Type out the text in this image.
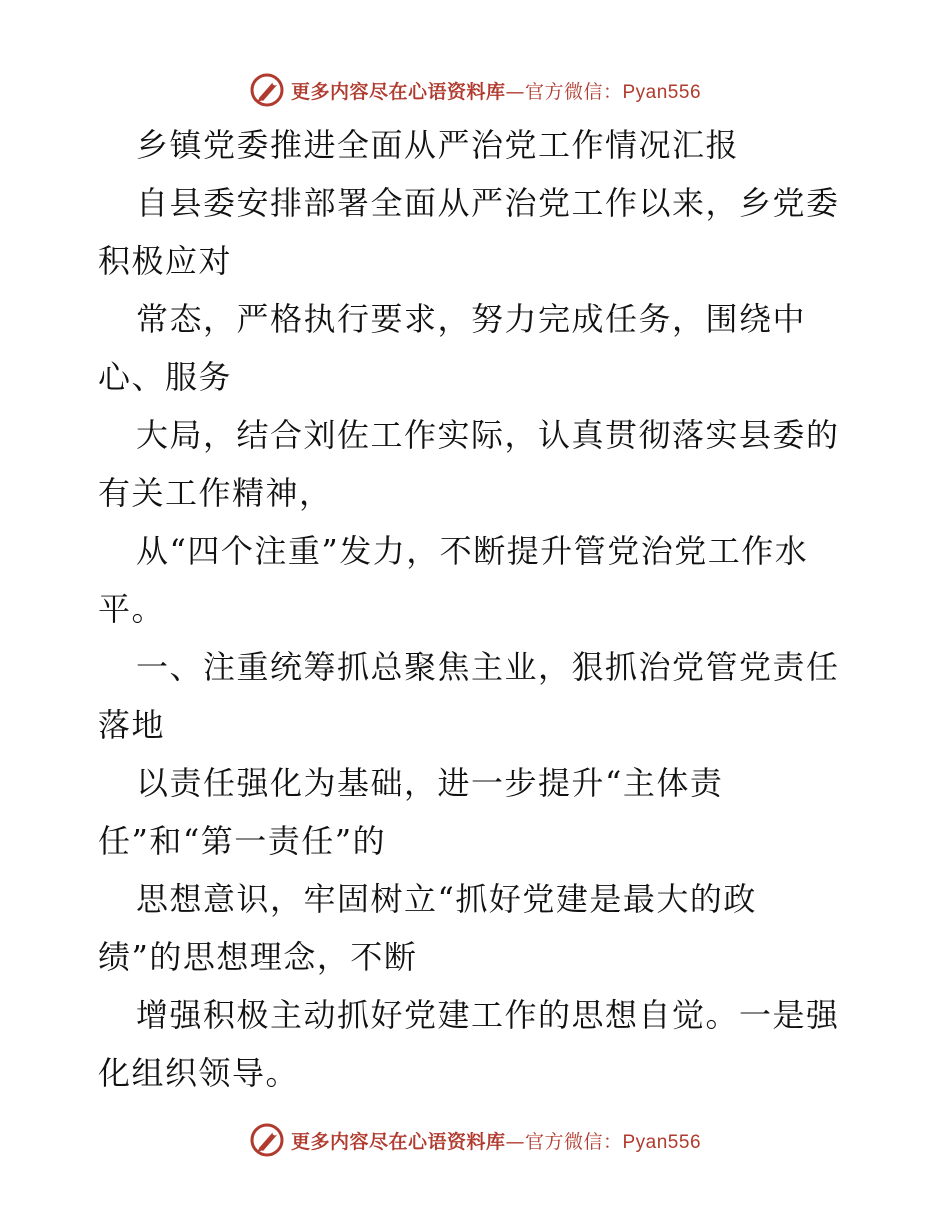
更多内容尽在心语资料库—官方微信：Pyan556
乡镇党委推进全面从严治党工作情况汇报
自县委安排部署全面从严治党工作以来，乡党委
积极应对
常态，严格执行要求，努力完成任务，围绕中
心、服务
大局，结合刘佐工作实际，认真贯彻落实县委的
有关工作精神，
从“四个注重”发力，不断提升管党治党工作水
平。
一、注重统筹抓总聚焦主业，狠抓治党管党责任
落地
以责任强化为基础，进一步提升“主体责
任”和“第一责任”的
思想意识，牢固树立“抓好党建是最大的政
绩”的思想理念，不断
增强积极主动抓好党建工作的思想自觉。一是强
化组织领导。
更多内容尽在心语资料库—官方微信：Pyan556
